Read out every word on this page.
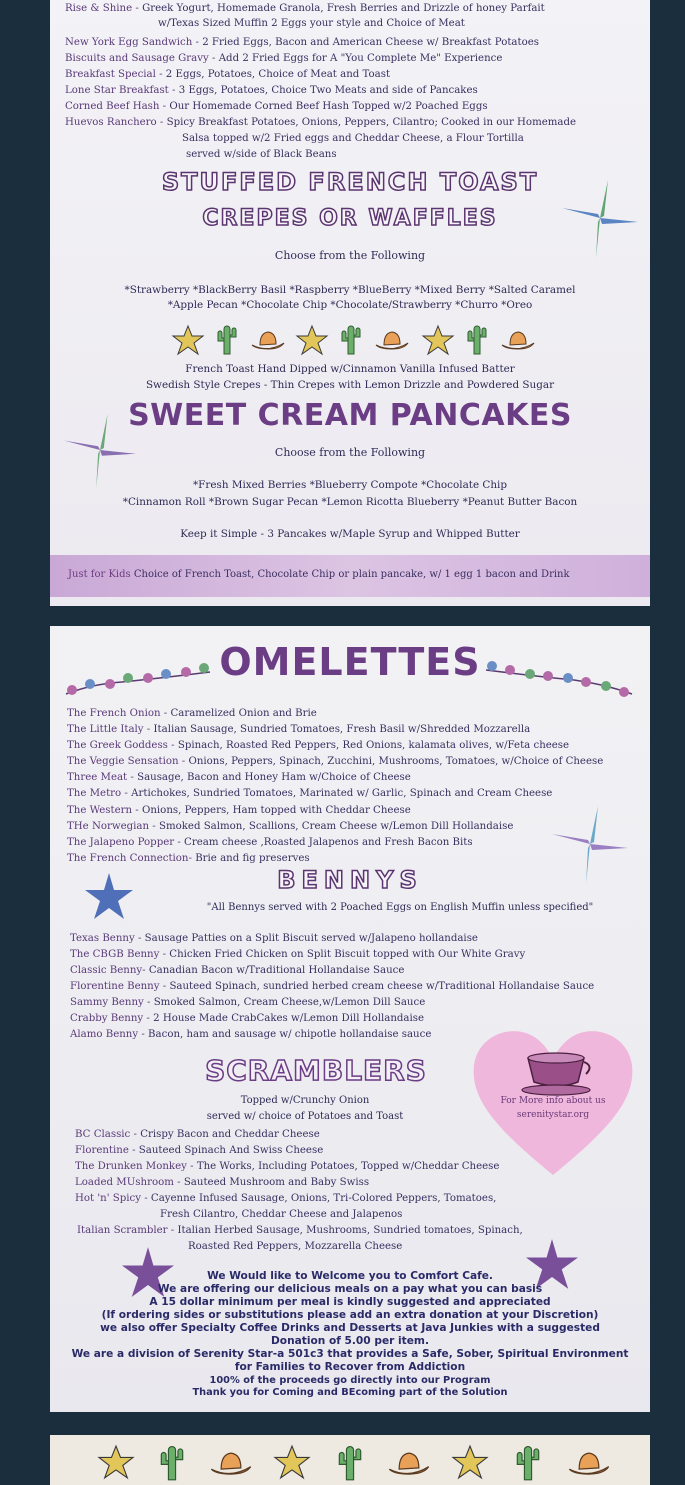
Rise & Shine - Greek Yogurt, Homemade Granola, Fresh Berries and Drizzle of honey Parfait

w/Texas Sized Muffin 2 Eggs your style and Choice of Meat

New York Egg Sandwich - 2 Fried Eggs, Bacon and American Cheese w/ Breakfast Potatoes

Biscuits and Sausage Gravy - Add 2 Fried Eggs for A "You Complete Me" Experience

Breakfast Special - 2 Eggs, Potatoes, Choice of Meat and Toast

Lone Star Breakfast - 3 Eggs, Potatoes, Choice Two Meats and side of Pancakes

Corned Beef Hash - Our Homemade Corned Beef Hash Topped w/2 Poached Eggs

Huevos Ranchero - Spicy Breakfast Potatoes, Onions, Peppers, Cilantro; Cooked in our Homemade

Salsa topped w/2 Fried eggs and Cheddar Cheese, a Flour Tortilla

served w/side of Black Beans

STUFFED FRENCH TOAST

CREPES OR WAFFLES

Choose from the Following

*Strawberry *BlackBerry Basil *Raspberry *BlueBerry *Mixed Berry *Salted Caramel

*Apple Pecan *Chocolate Chip *Chocolate/Strawberry *Churro *Oreo

French Toast Hand Dipped w/Cinnamon Vanilla Infused Batter

Swedish Style Crepes - Thin Crepes with Lemon Drizzle and Powdered Sugar

SWEET CREAM PANCAKES

Choose from the Following

*Fresh Mixed Berries *Blueberry Compote *Chocolate Chip

*Cinnamon Roll *Brown Sugar Pecan *Lemon Ricotta Blueberry *Peanut Butter Bacon

Keep it Simple - 3 Pancakes w/Maple Syrup and Whipped Butter

Just for Kids Choice of French Toast, Chocolate Chip or plain pancake, w/ 1 egg 1 bacon and Drink

OMELETTES

The French Onion - Caramelized Onion and Brie

The Little Italy - Italian Sausage, Sundried Tomatoes, Fresh Basil w/Shredded Mozzarella

The Greek Goddess - Spinach, Roasted Red Peppers, Red Onions, kalamata olives, w/Feta cheese

The Veggie Sensation - Onions, Peppers, Spinach, Zucchini, Mushrooms, Tomatoes, w/Choice of Cheese

Three Meat - Sausage, Bacon and Honey Ham w/Choice of Cheese

The Metro - Artichokes, Sundried Tomatoes, Marinated w/ Garlic, Spinach and Cream Cheese

The Western - Onions, Peppers, Ham topped with Cheddar Cheese

THe Norwegian - Smoked Salmon, Scallions, Cream Cheese w/Lemon Dill Hollandaise

The Jalapeno Popper - Cream cheese ,Roasted Jalapenos and Fresh Bacon Bits

The French Connection- Brie and fig preserves

BENNYS

"All Bennys served with 2 Poached Eggs on English Muffin unless specified"

Texas Benny - Sausage Patties on a Split Biscuit served w/Jalapeno hollandaise

The CBGB Benny - Chicken Fried Chicken on Split Biscuit topped with Our White Gravy

Classic Benny- Canadian Bacon w/Traditional Hollandaise Sauce

Florentine Benny - Sauteed Spinach, sundried herbed cream cheese w/Traditional Hollandaise Sauce

Sammy Benny - Smoked Salmon, Cream Cheese,w/Lemon Dill Sauce

Crabby Benny - 2 House Made CrabCakes w/Lemon Dill Hollandaise

Alamo Benny - Bacon, ham and sausage w/ chipotle hollandaise sauce

For More info about us
serenitystar.org

SCRAMBLERS

Topped w/Crunchy Onion

served w/ choice of Potatoes and Toast

BC Classic - Crispy Bacon and Cheddar Cheese

Florentine - Sauteed Spinach And Swiss Cheese

The Drunken Monkey - The Works, Including Potatoes, Topped w/Cheddar Cheese

Loaded MUshroom - Sauteed Mushroom and Baby Swiss

Hot 'n' Spicy - Cayenne Infused Sausage, Onions, Tri-Colored Peppers, Tomatoes,

Fresh Cilantro, Cheddar Cheese and Jalapenos

Italian Scrambler - Italian Herbed Sausage, Mushrooms, Sundried tomatoes, Spinach,

Roasted Red Peppers, Mozzarella Cheese

We Would like to Welcome you to Comfort Cafe.

We are offering our delicious meals on a pay what you can basis

A 15 dollar minimum per meal is kindly suggested and appreciated

(If ordering sides or substitutions please add an extra donation at your Discretion)

we also offer Specialty Coffee Drinks and Desserts at Java Junkies with a suggested

Donation of 5.00 per item.

We are a division of Serenity Star-a 501c3 that provides a Safe, Sober, Spiritual Environment

for Families to Recover from Addiction

100% of the proceeds go directly into our Program

Thank you for Coming and BEcoming part of the Solution
